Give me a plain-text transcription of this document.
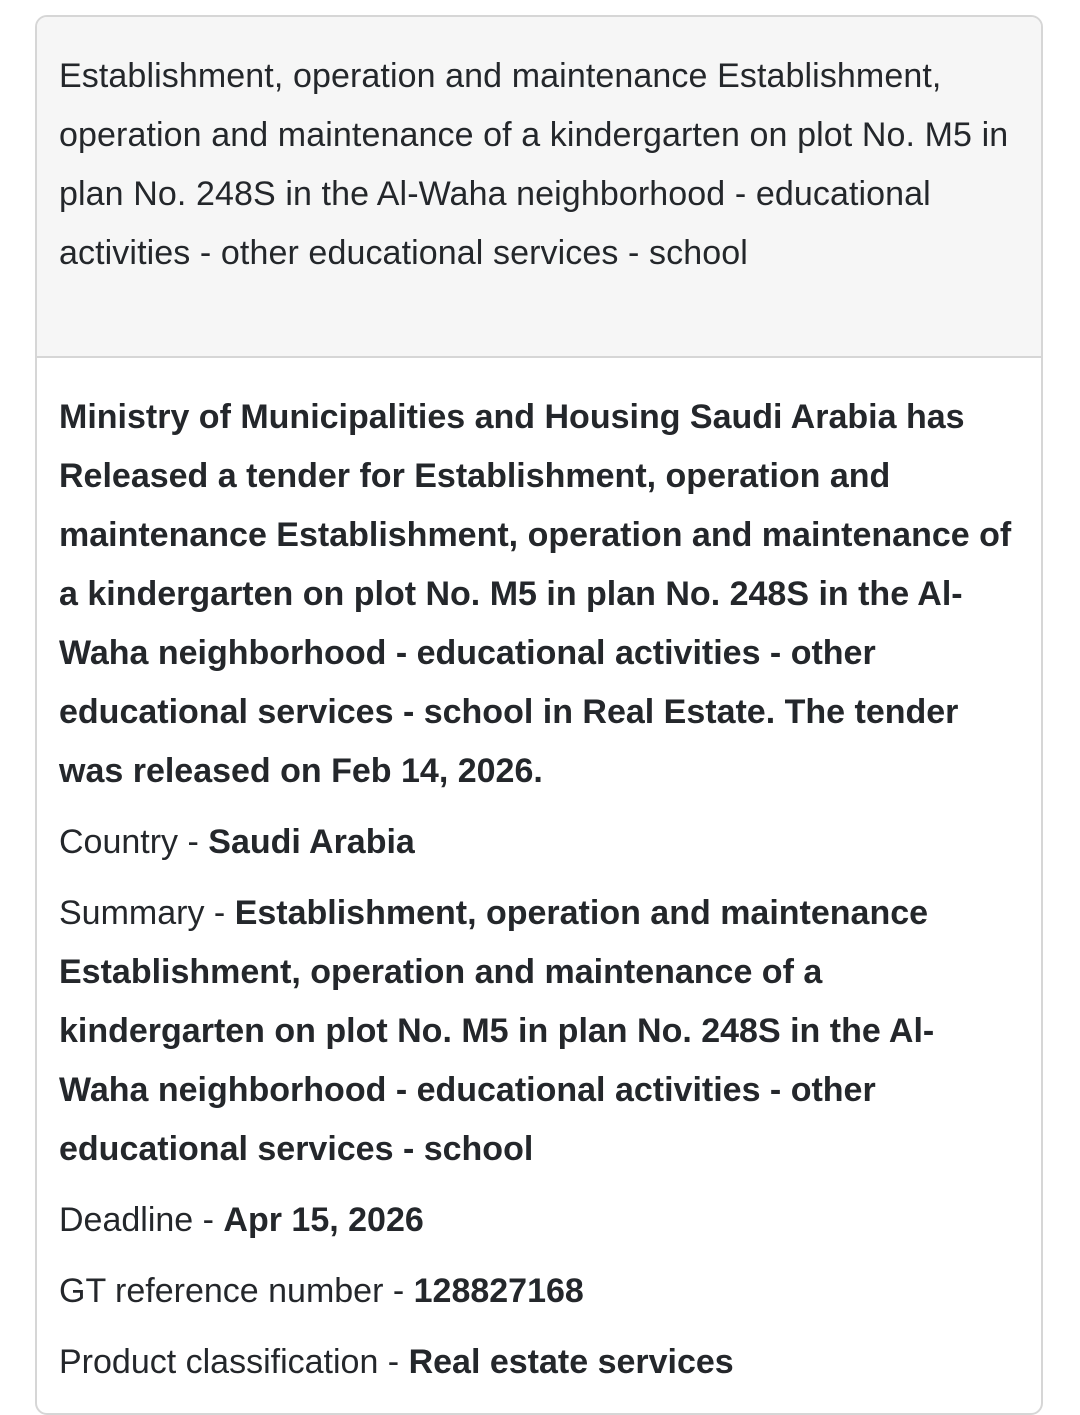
Establishment, operation and maintenance Establishment, operation and maintenance of a kindergarten on plot No. M5 in plan No. 248S in the Al-Waha neighborhood - educational activities - other educational services - school

Ministry of Municipalities and Housing Saudi Arabia has Released a tender for Establishment, operation and maintenance Establishment, operation and maintenance of a kindergarten on plot No. M5 in plan No. 248S in the Al-Waha neighborhood - educational activities - other educational services - school in Real Estate. The tender was released on Feb 14, 2026.

Country - Saudi Arabia

Summary - Establishment, operation and maintenance Establishment, operation and maintenance of a kindergarten on plot No. M5 in plan No. 248S in the Al-Waha neighborhood - educational activities - other educational services - school

Deadline - Apr 15, 2026

GT reference number - 128827168

Product classification - Real estate services
